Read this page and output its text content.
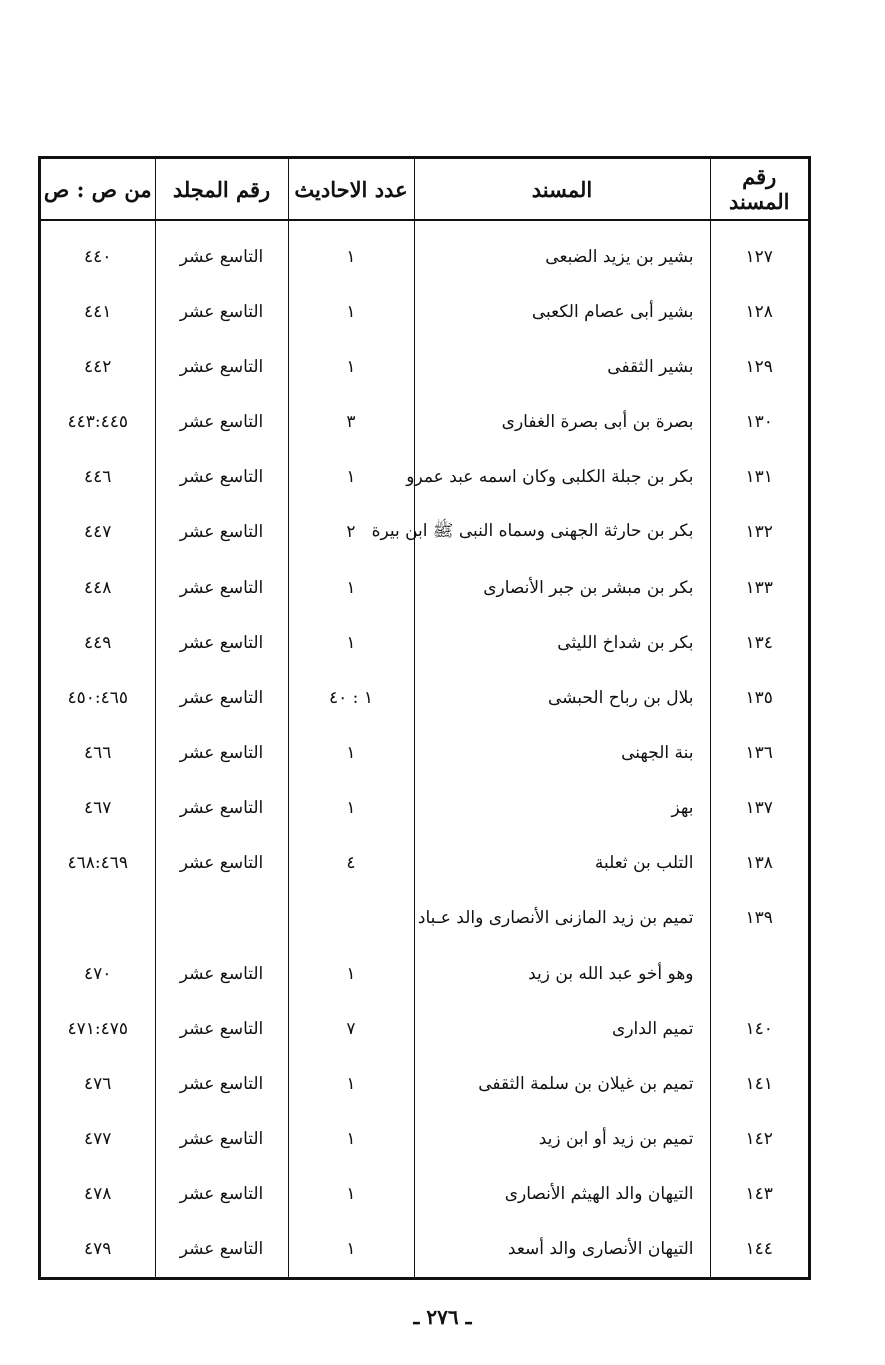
رقم المسند	المسند	عدد الاحاديث	رقم المجلد	من ص : ص

١٢٧	بشير بن يزيد الضبعى	١	التاسع عشر	٤٤٠
١٢٨	بشير أبى عصام الكعبى	١	التاسع عشر	٤٤١
١٢٩	بشير الثقفى	١	التاسع عشر	٤٤٢
١٣٠	بصرة بن أبى بصرة الغفارى	٣	التاسع عشر	٤٤٣:٤٤٥
١٣١	بكر بن جبلة الكلبى وكان اسمه عبد عمرو	١	التاسع عشر	٤٤٦
١٣٢	بكر بن حارثة الجهنى وسماه النبى ﷺ ابن بيرة	٢	التاسع عشر	٤٤٧
١٣٣	بكر بن مبشر بن جبر الأنصارى	١	التاسع عشر	٤٤٨
١٣٤	بكر بن شداخ الليثى	١	التاسع عشر	٤٤٩
١٣٥	بلال بن رباح الحبشى	١ : ٤٠	التاسع عشر	٤٥٠:٤٦٥
١٣٦	بنة الجهنى	١	التاسع عشر	٤٦٦
١٣٧	بهز	١	التاسع عشر	٤٦٧
١٣٨	التلب بن ثعلبة	٤	التاسع عشر	٤٦٨:٤٦٩
١٣٩	تميم بن زيد المازنى الأنصارى والد عـباد			
	وهو أخو عبد الله بن زيد	١	التاسع عشر	٤٧٠
١٤٠	تميم الدارى	٧	التاسع عشر	٤٧١:٤٧٥
١٤١	تميم بن غيلان بن سلمة الثقفى	١	التاسع عشر	٤٧٦
١٤٢	تميم بن زيد أو ابن زيد	١	التاسع عشر	٤٧٧
١٤٣	التيهان والد الهيثم الأنصارى	١	التاسع عشر	٤٧٨
١٤٤	التيهان الأنصارى والد أسعد	١	التاسع عشر	٤٧٩
ـ ٢٧٦ ـ
